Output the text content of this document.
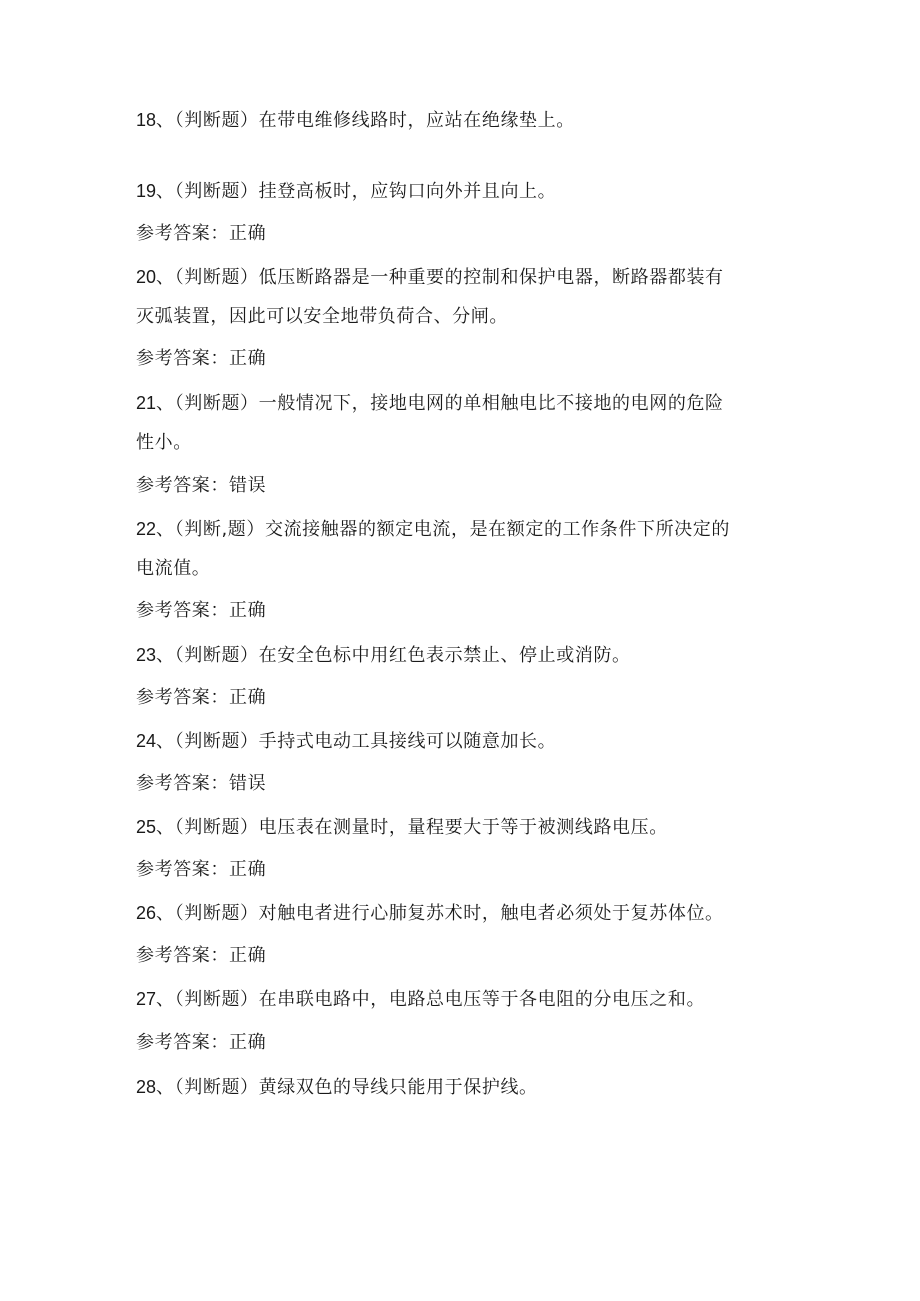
18、（判断题）在带电维修线路时，应站在绝缘垫上。
19、（判断题）挂登高板时，应钩口向外并且向上。
参考答案：正确
20、（判断题）低压断路器是一种重要的控制和保护电器，断路器都装有
灭弧装置，因此可以安全地带负荷合、分闸。
参考答案：正确
21、（判断题）一般情况下，接地电网的单相触电比不接地的电网的危险
性小。
参考答案：错误
22、（判断,题）交流接触器的额定电流，是在额定的工作条件下所决定的
电流值。
参考答案：正确
23、（判断题）在安全色标中用红色表示禁止、停止或消防。
参考答案：正确
24、（判断题）手持式电动工具接线可以随意加长。
参考答案：错误
25、（判断题）电压表在测量时，量程要大于等于被测线路电压。
参考答案：正确
26、（判断题）对触电者进行心肺复苏术时，触电者必须处于复苏体位。
参考答案：正确
27、（判断题）在串联电路中，电路总电压等于各电阻的分电压之和。
参考答案：正确
28、（判断题）黄绿双色的导线只能用于保护线。
